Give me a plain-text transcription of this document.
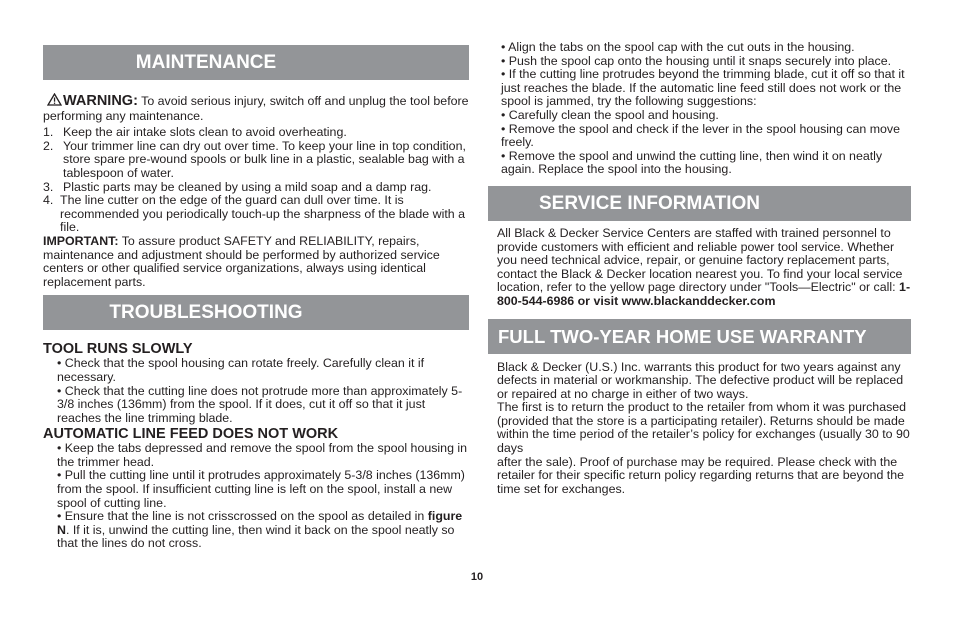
MAINTENANCE

WARNING: To avoid serious injury, switch off and unplug the tool before performing any maintenance.

1. Keep the air intake slots clean to avoid overheating.
2. Your trimmer line can dry out over time. To keep your line in top condition, store spare pre-wound spools or bulk line in a plastic, sealable bag with a tablespoon of water.
3. Plastic parts may be cleaned by using a mild soap and a damp rag.
4. The line cutter on the edge of the guard can dull over time. It is recommended you periodically touch-up the sharpness of the blade with a file.

IMPORTANT: To assure product SAFETY and RELIABILITY, repairs, maintenance and adjustment should be performed by authorized service centers or other qualified service organizations, always using identical replacement parts.

TROUBLESHOOTING
TOOL RUNS SLOWLY

• Check that the spool housing can rotate freely. Carefully clean it if necessary.

• Check that the cutting line does not protrude more than approximately 5-3/8 inches (136mm) from the spool. If it does, cut it off so that it just reaches the line trimming blade.

AUTOMATIC LINE FEED DOES NOT WORK

• Keep the tabs depressed and remove the spool from the spool housing in the trimmer head.

• Pull the cutting line until it protrudes approximately 5-3/8 inches (136mm) from the spool. If insufficient cutting line is left on the spool, install a new spool of cutting line.

• Ensure that the line is not crisscrossed on the spool as detailed in figure N. If it is, unwind the cutting line, then wind it back on the spool neatly so that the lines do not cross.

• Align the tabs on the spool cap with the cut outs in the housing.

• Push the spool cap onto the housing until it snaps securely into place.

• If the cutting line protrudes beyond the trimming blade, cut it off so that it just reaches the blade. If the automatic line feed still does not work or the spool is jammed, try the following suggestions:

• Carefully clean the spool and housing.

• Remove the spool and check if the lever in the spool housing can move freely.

• Remove the spool and unwind the cutting line, then wind it on neatly again. Replace the spool into the housing.

SERVICE INFORMATION

All Black & Decker Service Centers are staffed with trained personnel to provide customers with efficient and reliable power tool service. Whether you need technical advice, repair, or genuine factory replacement parts, contact the Black & Decker location nearest you. To find your local service location, refer to the yellow page directory under "Tools—Electric" or call: 1-800-544-6986 or visit www.blackanddecker.com

FULL TWO-YEAR HOME USE WARRANTY

Black & Decker (U.S.) Inc. warrants this product for two years against any defects in material or workmanship. The defective product will be replaced or repaired at no charge in either of two ways.

The first is to return the product to the retailer from whom it was purchased (provided that the store is a participating retailer). Returns should be made within the time period of the retailer’s policy for exchanges (usually 30 to 90 days

after the sale). Proof of purchase may be required. Please check with the retailer for their specific return policy regarding returns that are beyond the time set for exchanges.

10
